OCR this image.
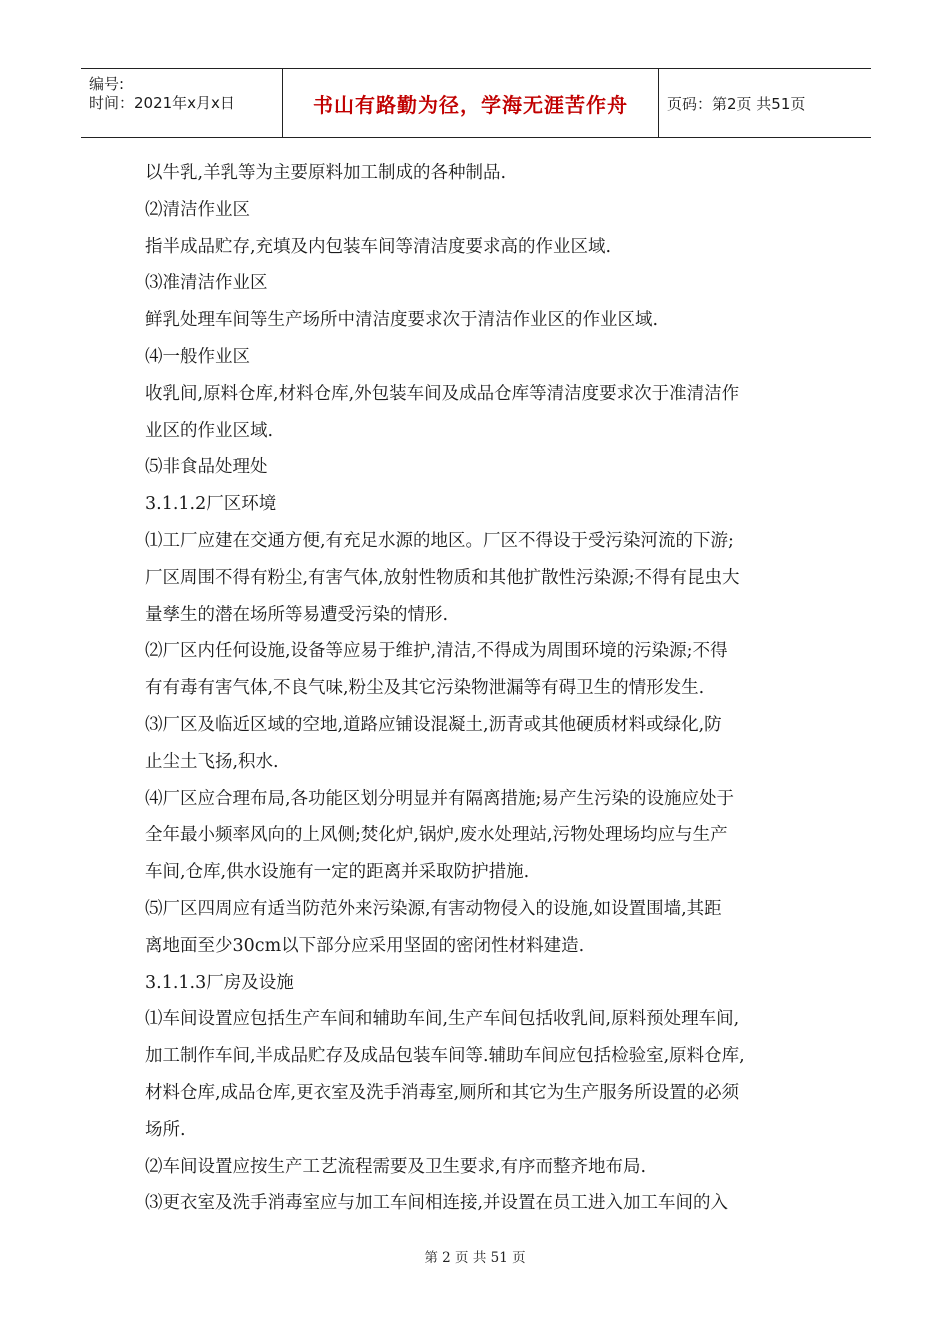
编号:
时间：2021年x月x日	书山有路勤为径，学海无涯苦作舟	页码：第2页 共51页
以牛乳,羊乳等为主要原料加工制成的各种制品.
⑵清洁作业区
指半成品贮存,充填及内包装车间等清洁度要求高的作业区域.
⑶准清洁作业区
鲜乳处理车间等生产场所中清洁度要求次于清洁作业区的作业区域.
⑷一般作业区
收乳间,原料仓库,材料仓库,外包装车间及成品仓库等清洁度要求次于准清洁作
业区的作业区域.
⑸非食品处理处
3.1.1.2厂区环境
⑴工厂应建在交通方便,有充足水源的地区。厂区不得设于受污染河流的下游;
厂区周围不得有粉尘,有害气体,放射性物质和其他扩散性污染源;不得有昆虫大
量孳生的潜在场所等易遭受污染的情形.
⑵厂区内任何设施,设备等应易于维护,清洁,不得成为周围环境的污染源;不得
有有毒有害气体,不良气味,粉尘及其它污染物泄漏等有碍卫生的情形发生.
⑶厂区及临近区域的空地,道路应铺设混凝土,沥青或其他硬质材料或绿化,防
止尘土飞扬,积水.
⑷厂区应合理布局,各功能区划分明显并有隔离措施;易产生污染的设施应处于
全年最小频率风向的上风侧;焚化炉,锅炉,废水处理站,污物处理场均应与生产
车间,仓库,供水设施有一定的距离并采取防护措施.
⑸厂区四周应有适当防范外来污染源,有害动物侵入的设施,如设置围墙,其距
离地面至少30cm以下部分应采用坚固的密闭性材料建造.
3.1.1.3厂房及设施
⑴车间设置应包括生产车间和辅助车间,生产车间包括收乳间,原料预处理车间,
加工制作车间,半成品贮存及成品包装车间等.辅助车间应包括检验室,原料仓库,
材料仓库,成品仓库,更衣室及洗手消毒室,厕所和其它为生产服务所设置的必须
场所.
⑵车间设置应按生产工艺流程需要及卫生要求,有序而整齐地布局.
⑶更衣室及洗手消毒室应与加工车间相连接,并设置在员工进入加工车间的入
第 2 页 共 51 页
